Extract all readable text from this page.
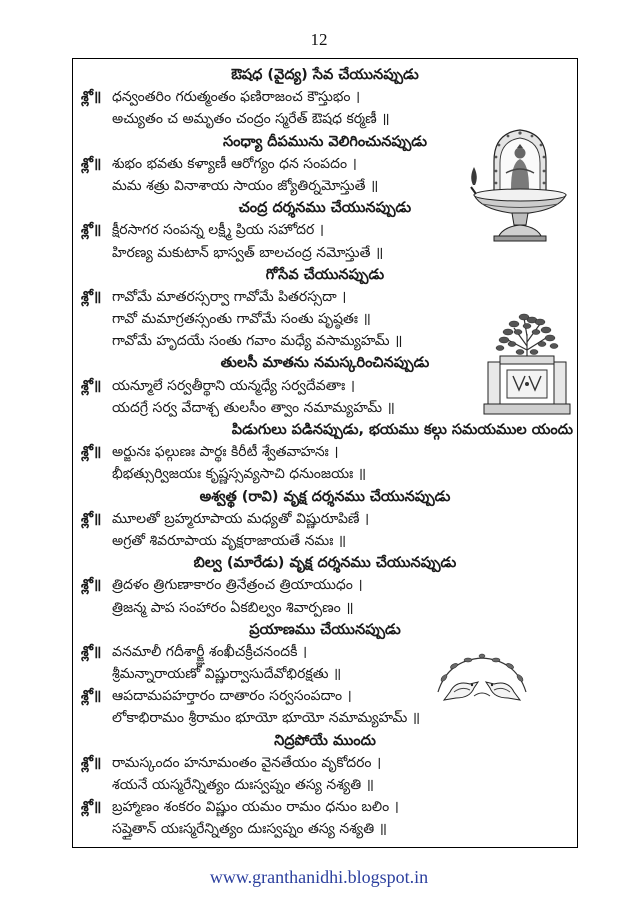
12
ఔషధ (వైద్య) సేవ చేయునప్పుడు
శ్లో॥ ధన్వంతరిం గరుత్మంతం ఫణిరాజంచ కౌస్తుభం ।
అచ్యుతం చ అమృతం చంద్రం స్మరేత్ ఔషధ కర్మణీ ॥
సంధ్యా దీపమును వెలిగించునప్పుడు
శ్లో॥ శుభం భవతు కళ్యాణీ ఆరోగ్యం ధన సంపదం ।
మమ శత్రు వినాశాయ సాయం జ్యోతిర్నమోస్తుతే ॥
చంద్ర దర్శనము చేయునప్పుడు
శ్లో॥ క్షీరసాగర సంపన్న లక్ష్మీ ప్రియ సహోదర ।
హిరణ్య మకుటాన్ భాస్వత్ బాలచంద్ర నమోస్తుతే ॥
గోసేవ చేయునప్పుడు
శ్లో॥ గావోమే మాతరస్సర్వా గావోమే పితరస్సదా ।
గావో మమాగ్రతస్సంతు గావోమే సంతు పృష్ఠతః ॥
గావోమే హృదయే సంతు గవాం మధ్యే వసామ్యహమ్ ॥
తులసీ మాతను నమస్కరించినప్పుడు
శ్లో॥ యన్మూలే సర్వతీర్థాని యన్మధ్యే సర్వదేవతాః ।
యదగ్రే సర్వ వేదాశ్చ తులసీం త్వాం నమామ్యహమ్ ॥
పిడుగులు పడినప్పుడు, భయము కల్గు సమయముల యందు
శ్లో॥ అర్జునః ఫల్గుణః పార్థః కిరీటీ శ్వేతవాహనః ।
భీభత్సుర్విజయః కృష్ణస్సవ్యసాచి ధనుంజయః ॥
అశ్వత్థ (రావి) వృక్ష దర్శనము చేయునప్పుడు
శ్లో॥ మూలతో బ్రహ్మరూపాయ మధ్యతో విష్ణురూపిణే ।
అగ్రతో శివరూపాయ వృక్షరాజాయతే నమః ॥
బిల్వ (మారేడు) వృక్ష దర్శనము చేయునప్పుడు
శ్లో॥ త్రిదళం త్రిగుణాకారం త్రినేత్రంచ త్రియాయుధం ।
త్రిజన్మ పాప సంహారం ఏకబిల్వం శివార్పణం ॥
ప్రయాణము చేయునప్పుడు
శ్లో॥ వనమాలీ గదీశార్జ్ఞీ శంఖీచక్రీచనందకీ ।
శ్రీమన్నారాయణో విష్ణుర్వాసుదేవోభిరక్షతు ॥
శ్లో॥ ఆపదామపహర్తారం దాతారం సర్వసంపదాం ।
లోకాభిరామం శ్రీరామం భూయో భూయో నమామ్యహమ్ ॥
నిద్రపోయే ముందు
శ్లో॥ రామస్కందం హనూమంతం వైనతేయం వృకోదరం ।
శయనే యస్మరేన్నిత్యం దుఃస్వప్నం తస్య నశ్యతి ॥
శ్లో॥ బ్రహ్మాణం శంకరం విష్ణుం యమం రామం ధనుం బలిం ।
సప్తైతాన్ యఃస్మరేన్నిత్యం దుఃస్వప్నం తస్య నశ్యతి ॥
www.granthanidhi.blogspot.in
